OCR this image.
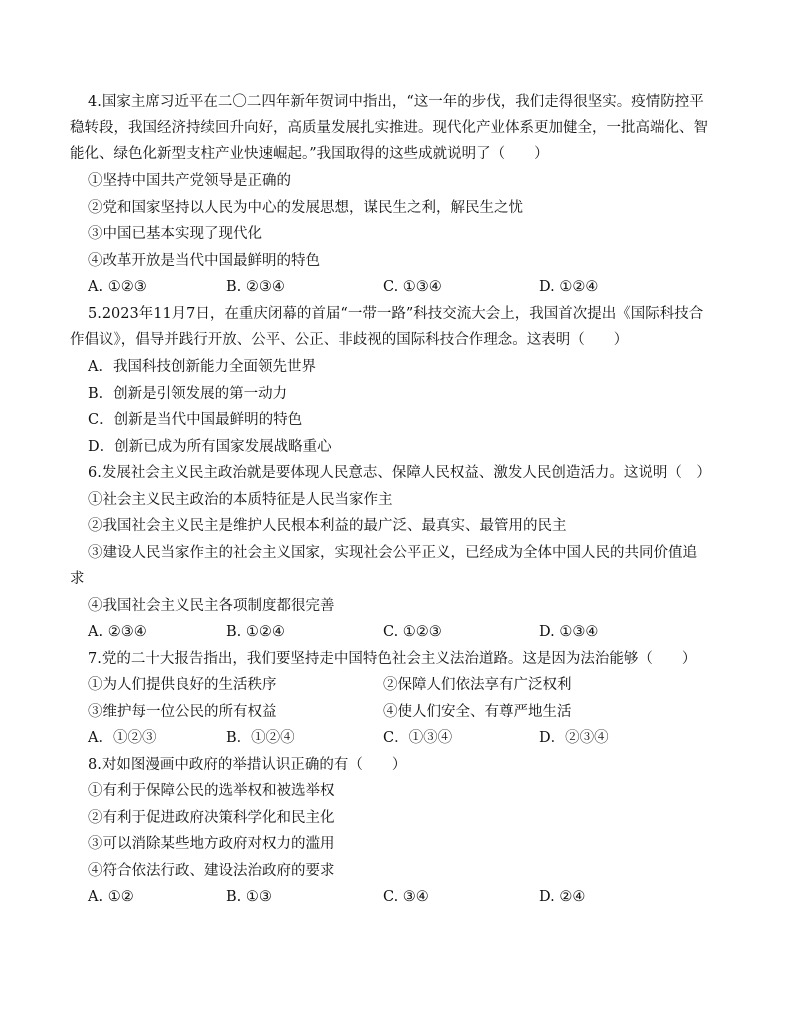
4.国家主席习近平在二〇二四年新年贺词中指出，“这一年的步伐，我们走得很坚实。疫情防控平
稳转段，我国经济持续回升向好，高质量发展扎实推进。现代化产业体系更加健全，一批高端化、智
能化、绿色化新型支柱产业快速崛起。”我国取得的这些成就说明了（　　）
①坚持中国共产党领导是正确的
②党和国家坚持以人民为中心的发展思想，谋民生之利，解民生之忧
③中国已基本实现了现代化
④改革开放是当代中国最鲜明的特色
A. ①②③	B. ②③④	C. ①③④	D. ①②④
5.2023年11月7日，在重庆闭幕的首届“一带一路”科技交流大会上，我国首次提出《国际科技合
作倡议》，倡导并践行开放、公平、公正、非歧视的国际科技合作理念。这表明（　　）
A．我国科技创新能力全面领先世界
B．创新是引领发展的第一动力
C．创新是当代中国最鲜明的特色
D．创新已成为所有国家发展战略重心
6.发展社会主义民主政治就是要体现人民意志、保障人民权益、激发人民创造活力。这说明（　）
①社会主义民主政治的本质特征是人民当家作主
②我国社会主义民主是维护人民根本利益的最广泛、最真实、最管用的民主
③建设人民当家作主的社会主义国家，实现社会公平正义，已经成为全体中国人民的共同价值追
求
④我国社会主义民主各项制度都很完善
A. ②③④	B. ①②④	C. ①②③	D. ①③④
7.党的二十大报告指出，我们要坚持走中国特色社会主义法治道路。这是因为法治能够（　　）
①为人们提供良好的生活秩序	②保障人们依法享有广泛权利
③维护每一位公民的所有权益	④使人们安全、有尊严地生活
A．①②③	B．①②④	C．①③④	D．②③④
8.对如图漫画中政府的举措认识正确的有（　　）
①有利于保障公民的选举权和被选举权
②有利于促进政府决策科学化和民主化
③可以消除某些地方政府对权力的滥用
④符合依法行政、建设法治政府的要求
A. ①②	B. ①③	C. ③④	D. ②④
